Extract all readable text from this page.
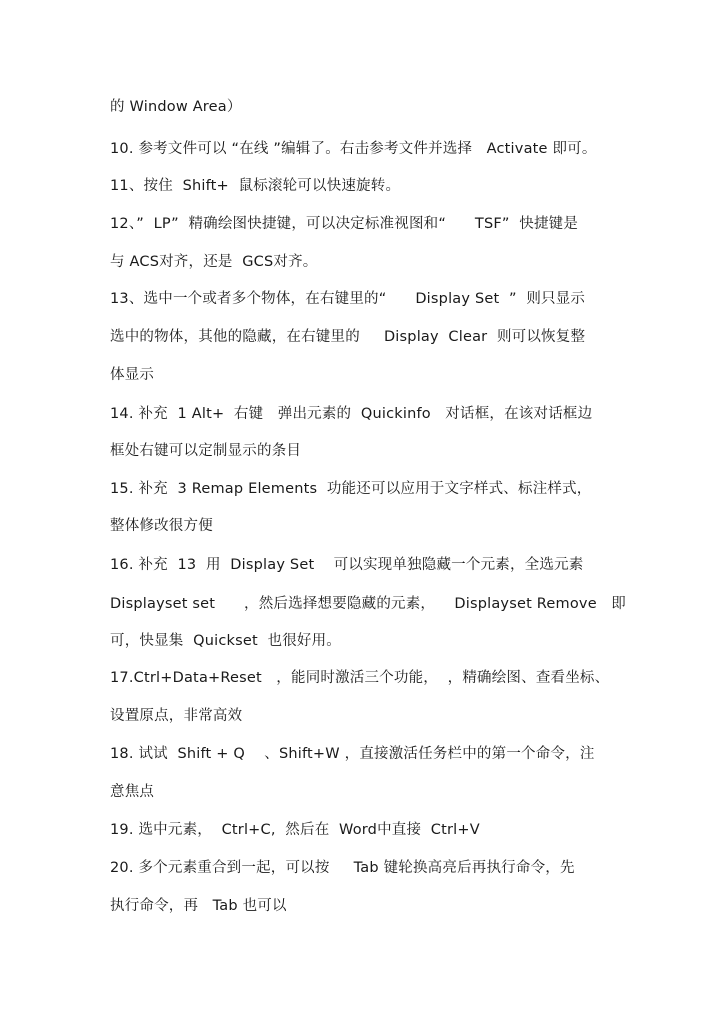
的 Window Area）
10. 参考文件可以 “在线 ”编辑了。右击参考文件并选择   Activate 即可。
11、按住  Shift+  鼠标滚轮可以快速旋转。
12、”  LP”  精确绘图快捷键，可以决定标准视图和“      TSF”  快捷键是
与 ACS对齐，还是  GCS对齐。
13、选中一个或者多个物体，在右键里的“      Display Set  ”  则只显示
选中的物体，其他的隐藏，在右键里的     Display  Clear  则可以恢复整
体显示
14. 补充  1 Alt+  右键   弹出元素的  Quickinfo   对话框，在该对话框边
框处右键可以定制显示的条目
15. 补充  3 Remap Elements  功能还可以应用于文字样式、标注样式，
整体修改很方便
16. 补充  13  用  Display Set    可以实现单独隐藏一个元素，全选元素
Displayset set      ，然后选择想要隐藏的元素，    Displayset Remove   即
可，快显集  Quickset  也很好用。
17.Ctrl+Data+Reset   ，能同时激活三个功能，  ，精确绘图、查看坐标、
设置原点，非常高效
18. 试试  Shift + Q    、Shift+W ，直接激活任务栏中的第一个命令，注
意焦点
19. 选中元素，  Ctrl+C,  然后在  Word中直接  Ctrl+V
20. 多个元素重合到一起，可以按     Tab 键轮换高亮后再执行命令，先
执行命令，再   Tab 也可以
